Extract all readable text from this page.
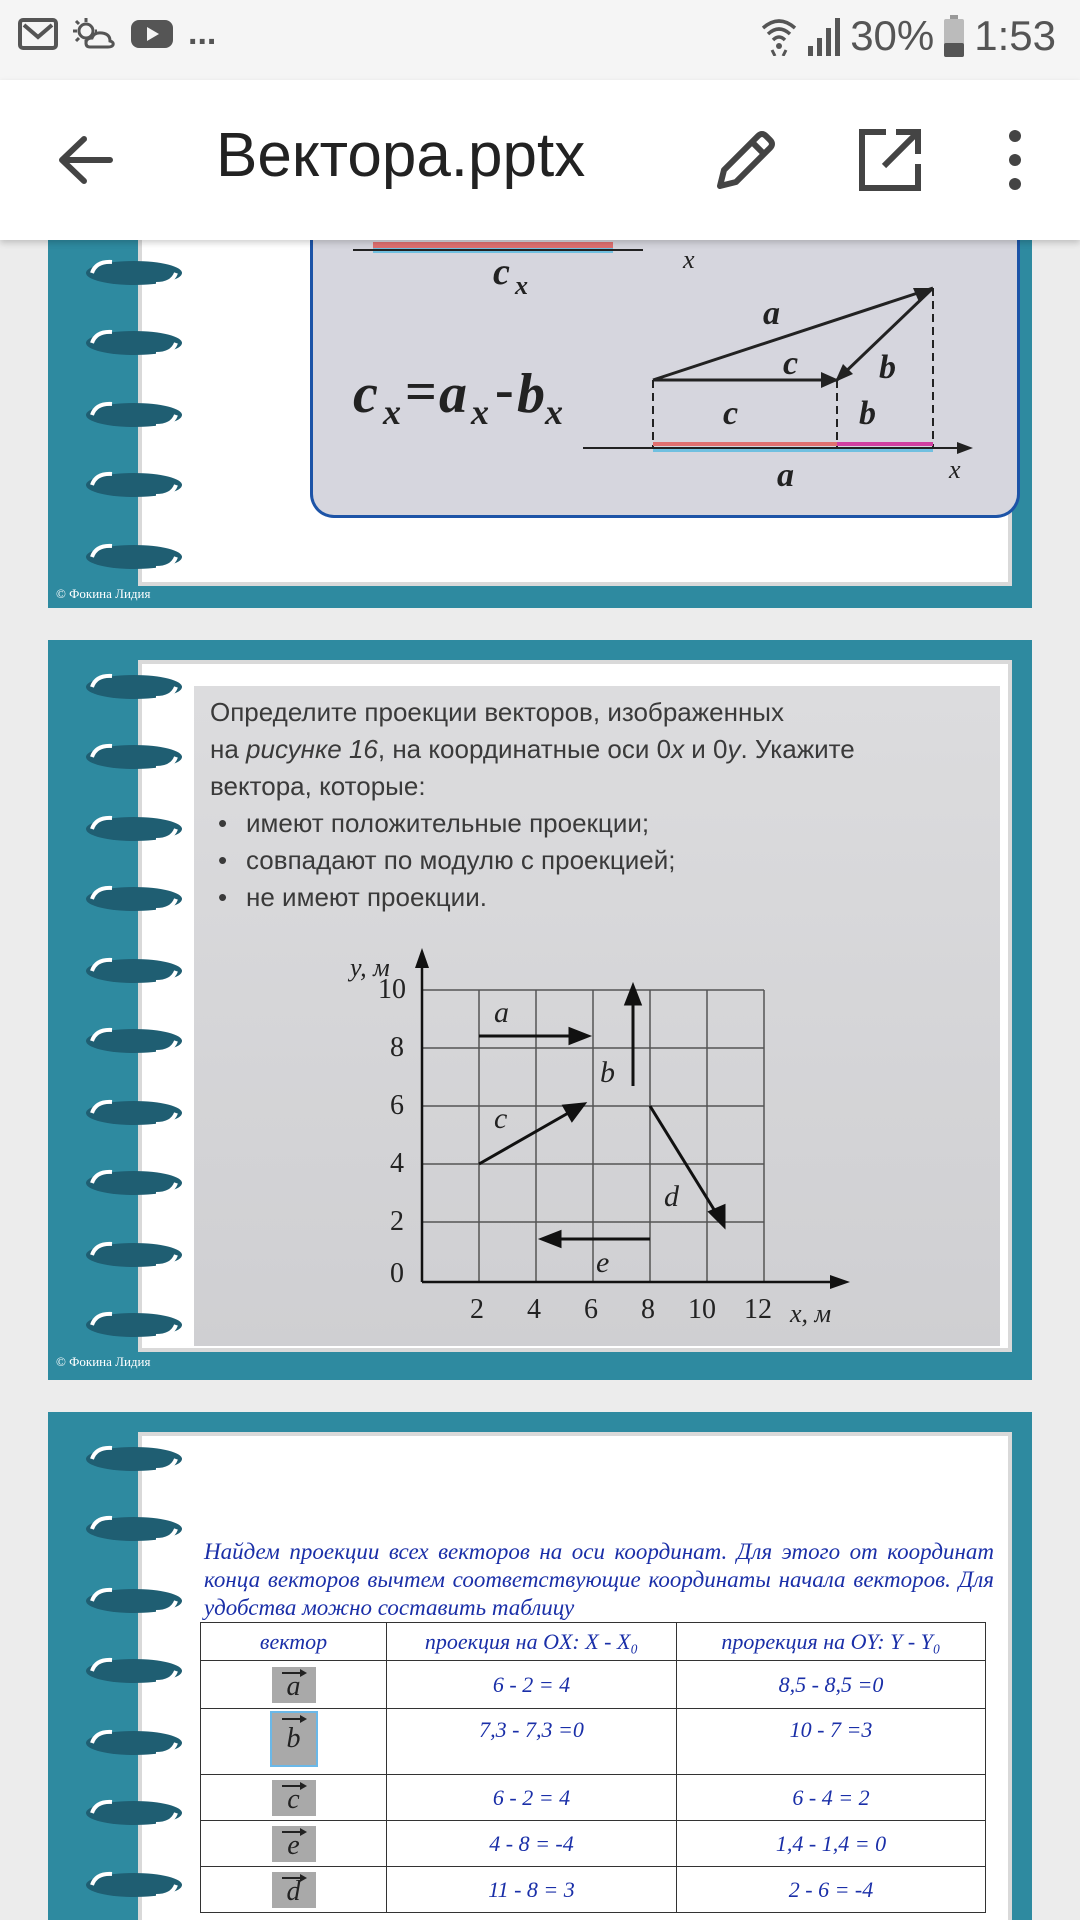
...	30% 1:53
Вектора.pptx
c x
x
c x = a x - b x
a
c b
c	b
a	x
© Фокина Лидия
Определите проекции векторов, изображенных
на рисунке 16, на координатные оси 0x и 0y. Укажите
вектора, которые:
• имеют положительные проекции;
• совпадают по модулю с проекцией;
• не имеют проекции.
y, м
x, м
10
8
6
4
2
0
2 4 6 8 10 12
a
b
c
d
e
© Фокина Лидия
Найдем проекции всех векторов на оси координат. Для этого от координат конца векторов вычтем соответствующие координаты начала векторов. Для удобства можно составить таблицу
вектор	проекция на OX: X - X₀	прорекция на OY: Y - Y₀
a	6 - 2 = 4	8,5 - 8,5 =0
b	7,3 - 7,3 =0	10 - 7 =3
c	6 - 2 = 4	6 - 4 = 2
e	4 - 8 = -4	1,4 - 1,4 = 0
d	11 - 8 = 3	2 - 6 = -4
